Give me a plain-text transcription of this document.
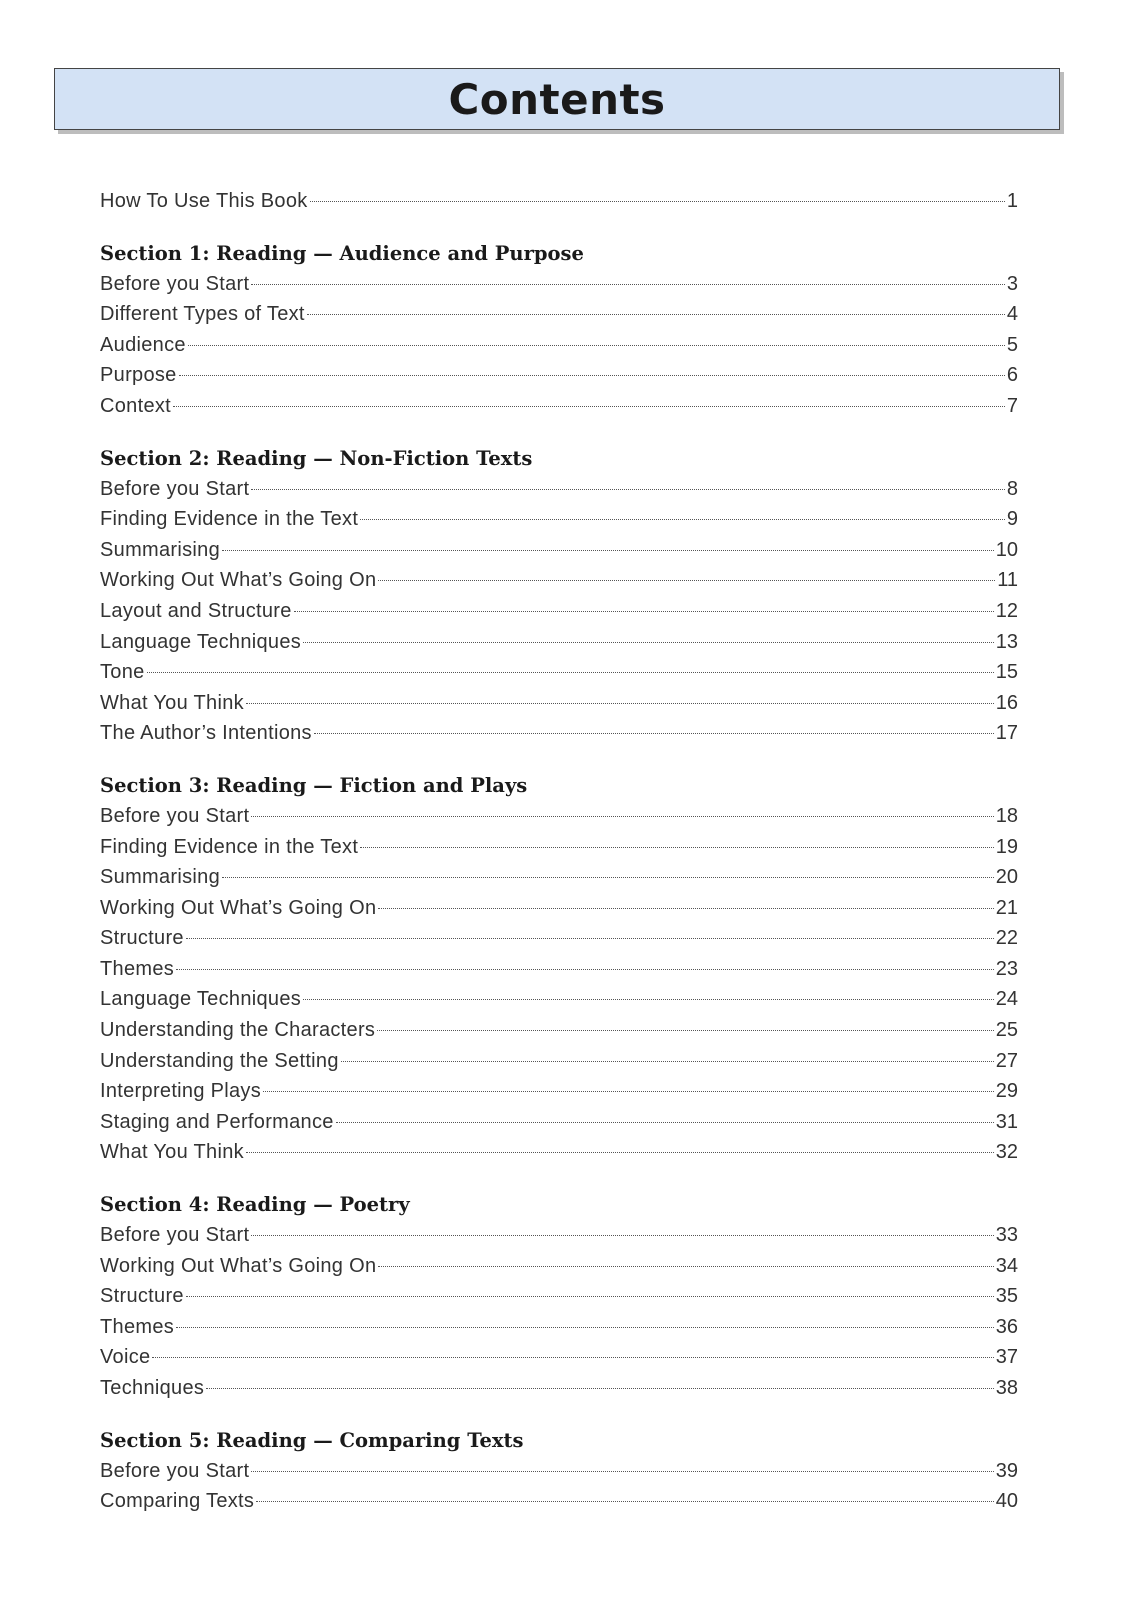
Contents
How To Use This Book	1
Section 1: Reading — Audience and Purpose
Before you Start	3
Different Types of Text	4
Audience	5
Purpose	6
Context	7
Section 2: Reading — Non-Fiction Texts
Before you Start	8
Finding Evidence in the Text	9
Summarising	10
Working Out What’s Going On	11
Layout and Structure	12
Language Techniques	13
Tone	15
What You Think	16
The Author’s Intentions	17
Section 3: Reading — Fiction and Plays
Before you Start	18
Finding Evidence in the Text	19
Summarising	20
Working Out What’s Going On	21
Structure	22
Themes	23
Language Techniques	24
Understanding the Characters	25
Understanding the Setting	27
Interpreting Plays	29
Staging and Performance	31
What You Think	32
Section 4: Reading — Poetry
Before you Start	33
Working Out What’s Going On	34
Structure	35
Themes	36
Voice	37
Techniques	38
Section 5: Reading — Comparing Texts
Before you Start	39
Comparing Texts	40
